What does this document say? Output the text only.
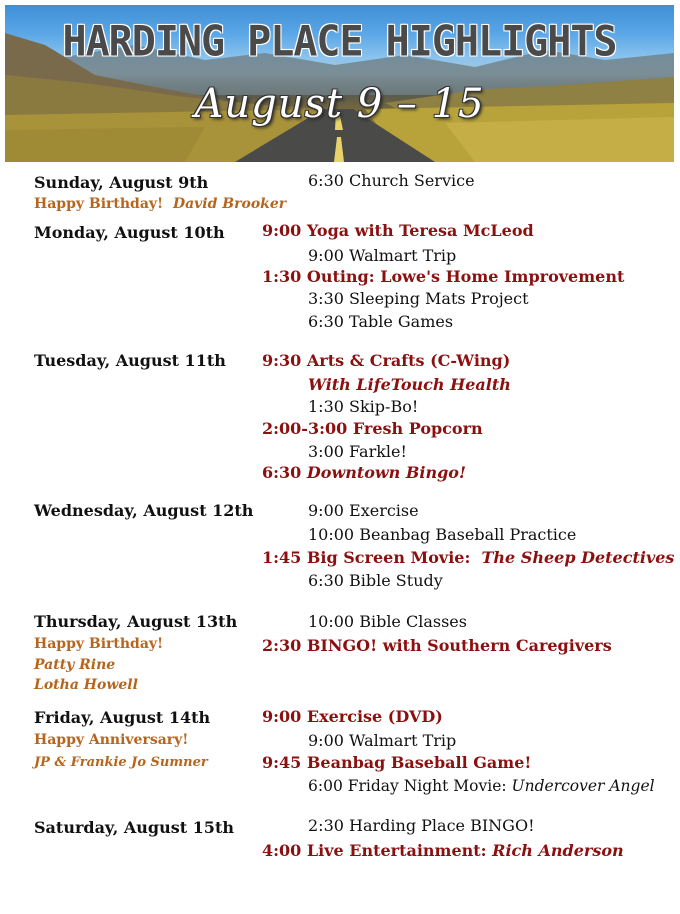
HARDING PLACE HIGHLIGHTS
August 9 – 15
Sunday, August 9th
Happy Birthday! David Brooker
6:30 Church Service
Monday, August 10th 9:00 Yoga with Teresa McLeod
9:00 Walmart Trip
1:30 Outing: Lowe's Home Improvement
3:30 Sleeping Mats Project
6:30 Table Games
Tuesday, August 11th 9:30 Arts & Crafts (C-Wing)
With LifeTouch Health
1:30 Skip-Bo!
2:00-3:00 Fresh Popcorn
3:00 Farkle!
6:30 Downtown Bingo!
Wednesday, August 12th	9:00 Exercise
10:00 Beanbag Baseball Practice
1:45 Big Screen Movie: The Sheep Detectives
6:30 Bible Study
Thursday, August 13th
Happy Birthday!
Patty Rine
Lotha Howell
10:00 Bible Classes
2:30 BINGO! with Southern Caregivers
Friday, August 14th
Happy Anniversary!
JP & Frankie Jo Sumner
9:00 Exercise (DVD)
9:00 Walmart Trip
9:45 Beanbag Baseball Game!
6:00 Friday Night Movie: Undercover Angel
Saturday, August 15th	2:30 Harding Place BINGO!
4:00 Live Entertainment: Rich Anderson
